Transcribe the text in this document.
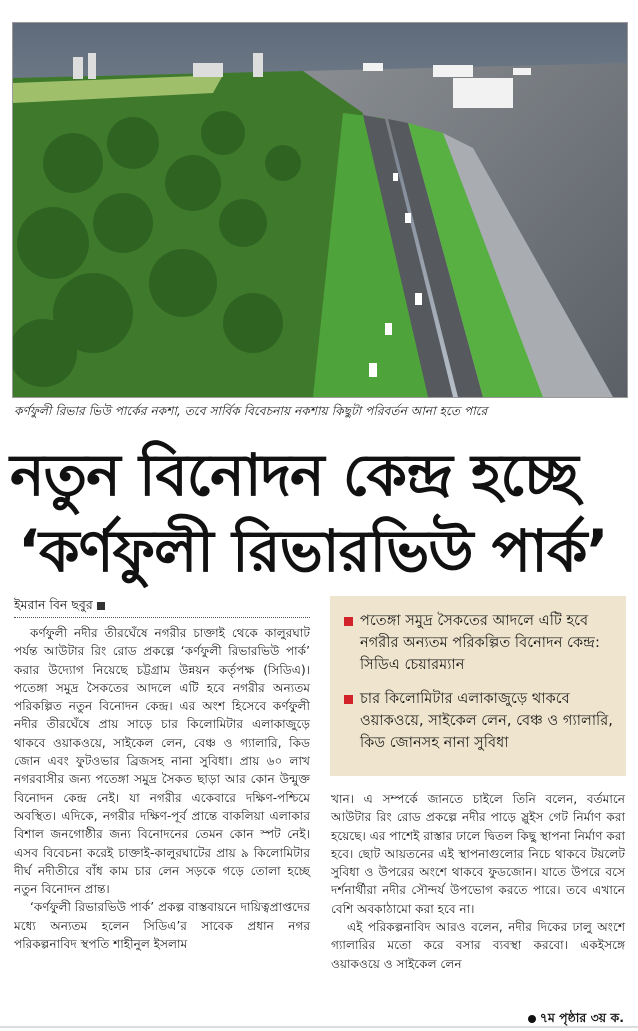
কর্ণফুলী রিভার ভিউ পার্কের নকশা, তবে সার্বিক বিবেচনায় নকশায় কিছুটা পরিবর্তন আনা হতে পারে
নতুন বিনোদন কেন্দ্র হচ্ছে
‘কর্ণফুলী রিভারভিউ পার্ক’
ইমরান বিন ছবুর

কর্ণফুলী নদীর তীরঘেঁষে নগরীর চাক্তাই থেকে কালুরঘাট পর্যন্ত আউটার রিং রোড প্রকল্পে ‘কর্ণফুলী রিভারভিউ পার্ক’ করার উদ্যোগ নিয়েছে চট্টগ্রাম উন্নয়ন কর্তৃপক্ষ (সিডিএ)। পতেঙ্গা সমুদ্র সৈকতের আদলে এটি হবে নগরীর অন্যতম পরিকল্পিত নতুন বিনোদন কেন্দ্র। এর অংশ হিসেবে কর্ণফুলী নদীর তীরঘেঁষে প্রায় সাড়ে চার কিলোমিটার এলাকাজুড়ে থাকবে ওয়াকওয়ে, সাইকেল লেন, বেঞ্চ ও গ্যালারি, কিড জোন এবং ফুটওভার ব্রিজসহ নানা সুবিধা। প্রায় ৬০ লাখ নগরবাসীর জন্য পতেঙ্গা সমুদ্র সৈকত ছাড়া আর কোন উন্মুক্ত বিনোদন কেন্দ্র নেই। যা নগরীর একেবারে দক্ষিণ-পশ্চিমে অবস্থিত। এদিকে, নগরীর দক্ষিণ-পূর্ব প্রান্তে বাকলিয়া এলাকার বিশাল জনগোষ্ঠীর জন্য বিনোদনের তেমন কোন স্পট নেই। এসব বিবেচনা করেই চাক্তাই-কালুরঘাটের প্রায় ৯ কিলোমিটার দীর্ঘ নদীতীরে বাঁধ কাম চার লেন সড়কে গড়ে তোলা হচ্ছে নতুন বিনোদন প্রান্ত।

‘কর্ণফুলী রিভারভিউ পার্ক’ প্রকল্প বাস্তবায়নে দায়িত্বপ্রাপ্তদের মধ্যে অন্যতম হলেন সিডিএ’র সাবেক প্রধান নগর পরিকল্পনাবিদ স্থপতি শাহীনুল ইসলাম

পতেঙ্গা সমুদ্র সৈকতের আদলে এটি হবে নগরীর অন্যতম পরিকল্পিত বিনোদন কেন্দ্র: সিডিএ চেয়ারম্যান
চার কিলোমিটার এলাকাজুড়ে থাকবে ওয়াকওয়ে, সাইকেল লেন, বেঞ্চ ও গ্যালারি, কিড জোনসহ নানা সুবিধা

খান। এ সম্পর্কে জানতে চাইলে তিনি বলেন, বর্তমানে আউটার রিং রোড প্রকল্পে নদীর পাড়ে স্লুইস গেট নির্মাণ করা হয়েছে। এর পাশেই রাস্তার ঢালে দ্বিতল কিছু স্থাপনা নির্মাণ করা হবে। ছোট আয়তনের এই স্থাপনাগুলোর নিচে থাকবে টয়লেট সুবিধা ও উপরের অংশে থাকবে ফুডজোন। যাতে উপরে বসে দর্শনার্থীরা নদীর সৌন্দর্য উপভোগ করতে পারে। তবে এখানে বেশি অবকাঠামো করা হবে না।

এই পরিকল্পনাবিদ আরও বলেন, নদীর দিকের ঢালু অংশে গ্যালারির মতো করে বসার ব্যবস্থা করবো। একইসঙ্গে ওয়াকওয়ে ও সাইকেল লেন

৭ম পৃষ্ঠার ৩য় ক.
